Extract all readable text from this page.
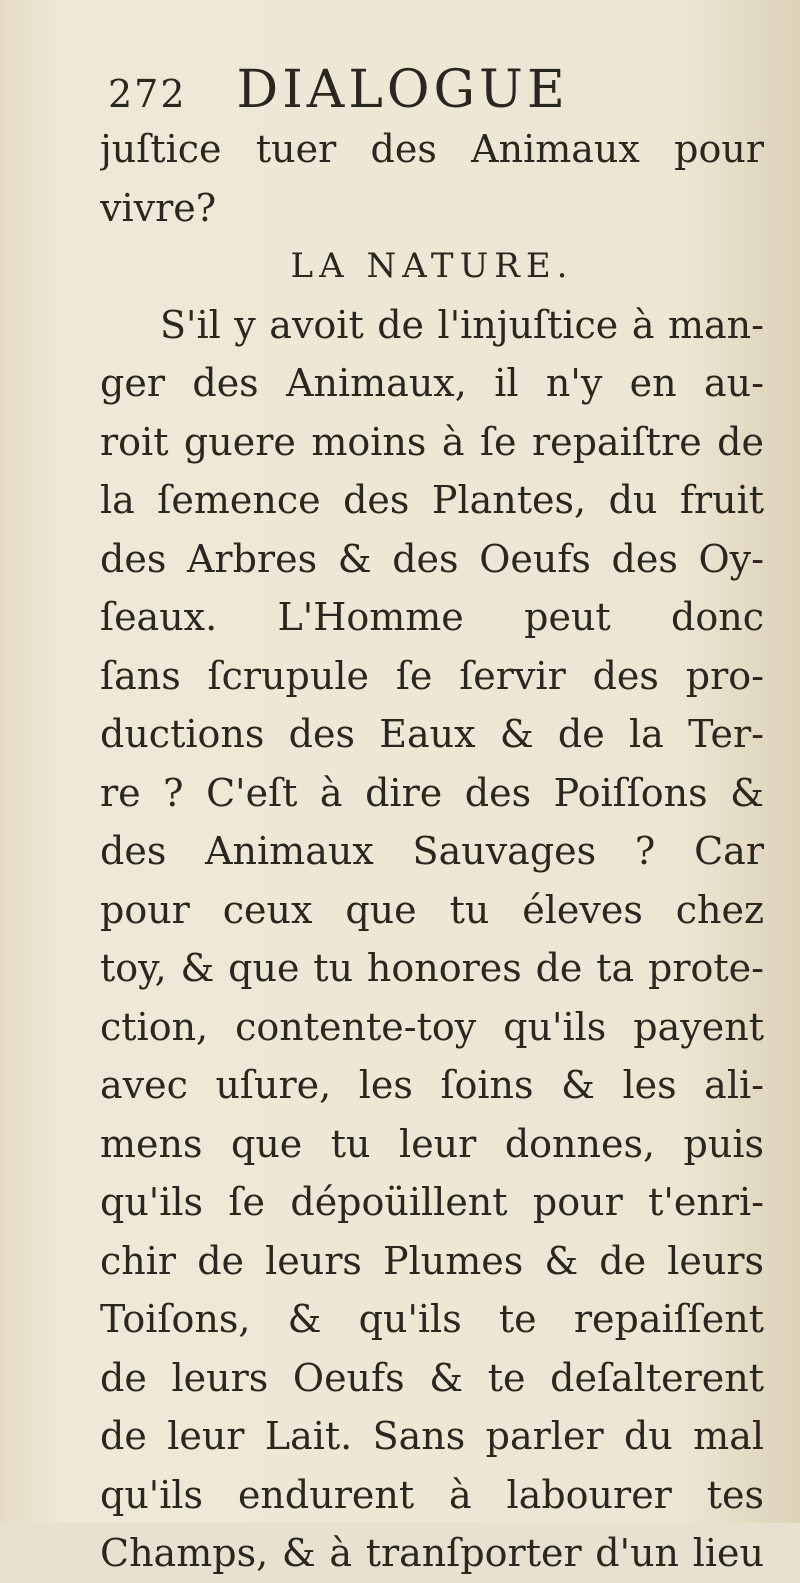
272 DIALOGUE
juſtice tuer des Animaux pour
vivre?
LA NATURE.
S'il y avoit de l'injuſtice à man-
ger des Animaux, il n'y en au-
roit guere moins à ſe repaiſtre de
la ſemence des Plantes, du fruit
des Arbres & des Oeufs des Oy-
ſeaux. L'Homme peut donc
ſans ſcrupule ſe ſervir des pro-
ductions des Eaux & de la Ter-
re ? C'eſt à dire des Poiſſons &
des Animaux Sauvages ? Car
pour ceux que tu éleves chez
toy, & que tu honores de ta prote-
ction, contente-toy qu'ils payent
avec uſure, les ſoins & les ali-
mens que tu leur donnes, puis
qu'ils ſe dépoüillent pour t'enri-
chir de leurs Plumes & de leurs
Toiſons, & qu'ils te repaiſſent
de leurs Oeufs & te deſalterent
de leur Lait. Sans parler du mal
qu'ils endurent à labourer tes
Champs, & à tranſporter d'un lieu
